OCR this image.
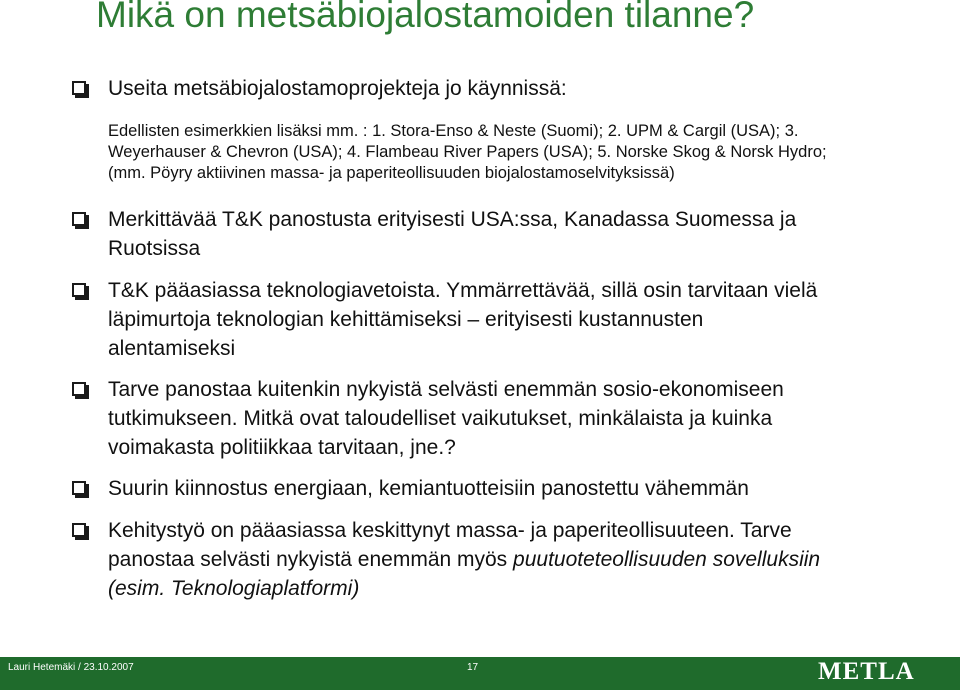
Mikä on metsäbiojalostamoiden tilanne?
Useita metsäbiojalostamoprojekteja jo käynnissä:
Edellisten esimerkkien lisäksi mm. : 1. Stora-Enso & Neste (Suomi); 2. UPM & Cargil (USA); 3.
Weyerhauser & Chevron (USA); 4. Flambeau River Papers (USA); 5. Norske Skog & Norsk Hydro;
(mm. Pöyry aktiivinen massa- ja paperiteollisuuden biojalostamoselvityksissä)
Merkittävää T&K panostusta erityisesti USA:ssa, Kanadassa Suomessa ja
Ruotsissa
T&K pääasiassa teknologiavetoista. Ymmärrettävää, sillä osin tarvitaan vielä
läpimurtoja teknologian kehittämiseksi – erityisesti kustannusten
alentamiseksi
Tarve panostaa kuitenkin nykyistä selvästi enemmän sosio-ekonomiseen
tutkimukseen. Mitkä ovat taloudelliset vaikutukset, minkälaista ja kuinka
voimakasta politiikkaa tarvitaan, jne.?
Suurin kiinnostus energiaan, kemiantuotteisiin panostettu vähemmän
Kehitystyö on pääasiassa keskittynyt massa- ja paperiteollisuuteen. Tarve
panostaa selvästi nykyistä enemmän myös puutuoteteollisuuden sovelluksiin
(esim. Teknologiaplatformi)
Lauri Hetemäki / 23.10.2007	17	METLA
